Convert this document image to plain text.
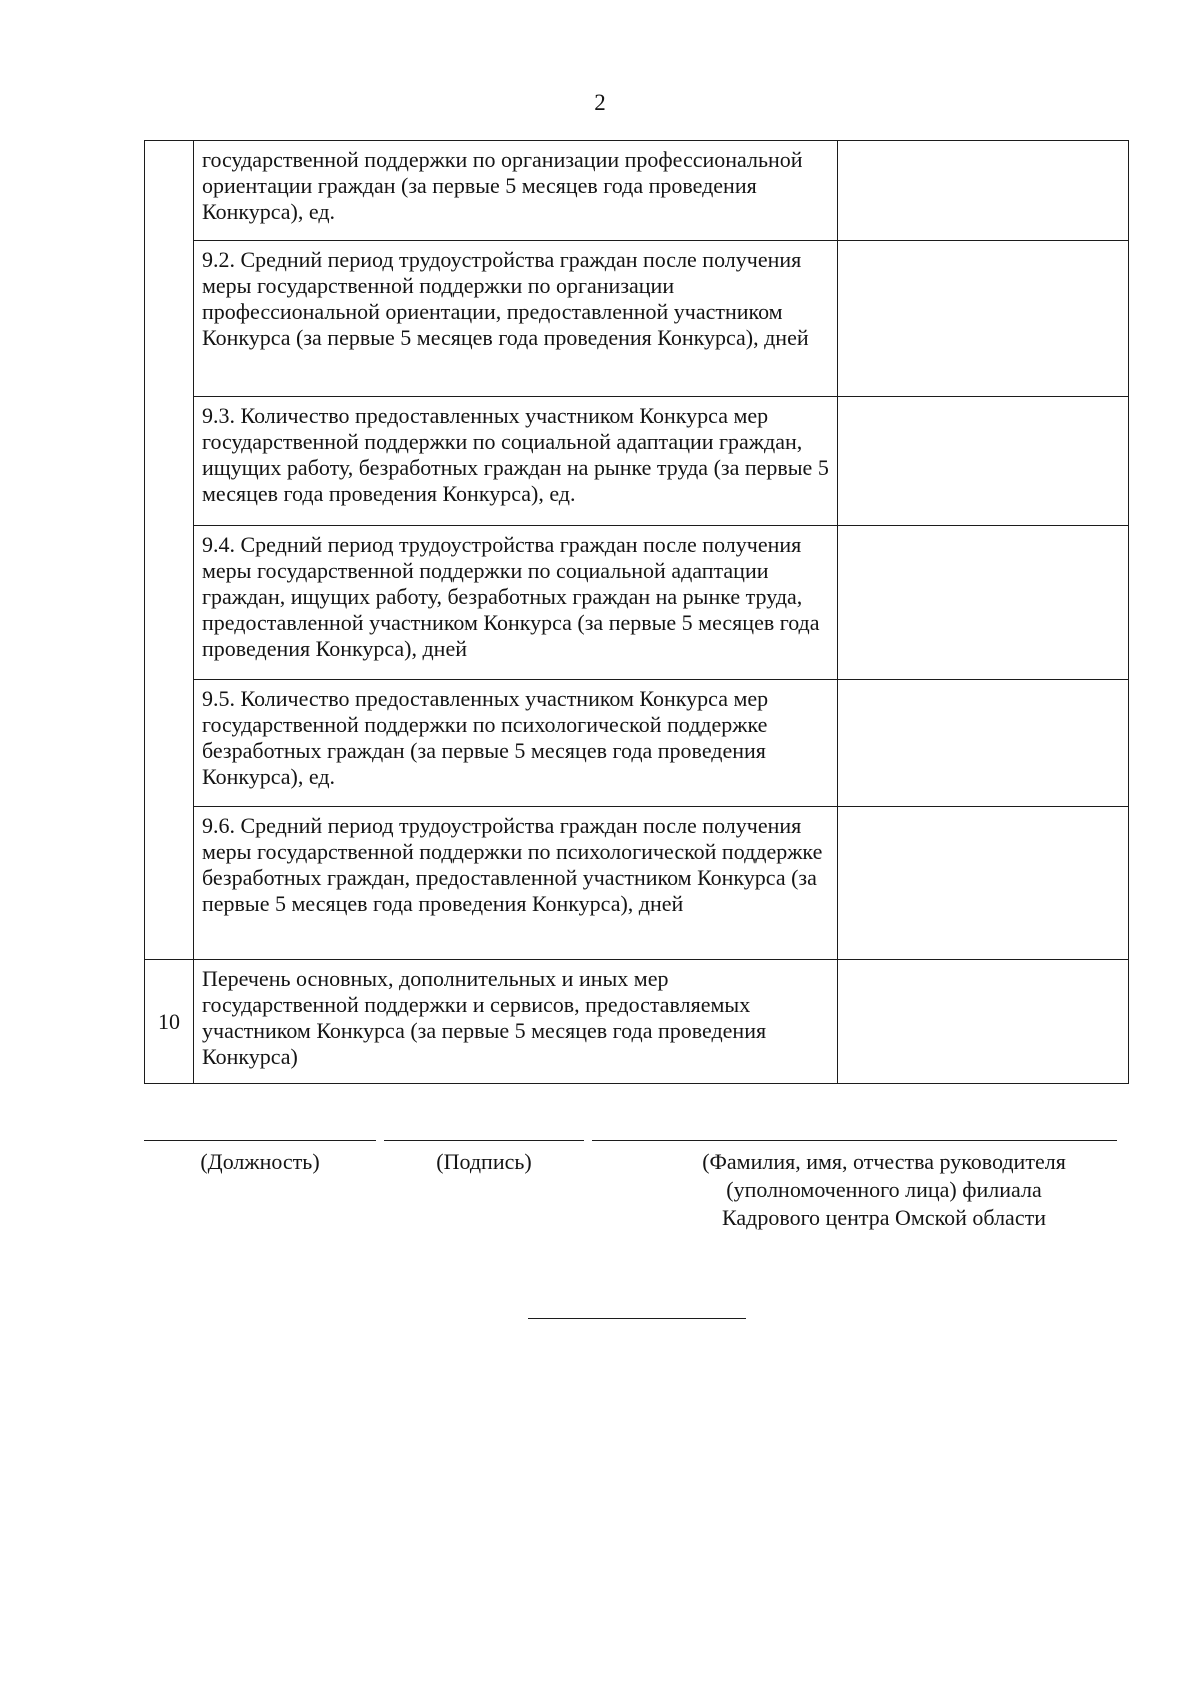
2

	государственной поддержки по организации профессиональной ориентации граждан (за первые 5 месяцев года проведения Конкурса), ед.	

	9.2. Средний период трудоустройства граждан после получения меры государственной поддержки по организации профессиональной ориентации, предоставленной участником Конкурса (за первые 5 месяцев года проведения Конкурса), дней	

	9.3. Количество предоставленных участником Конкурса мер государственной поддержки по социальной адаптации граждан, ищущих работу, безработных граждан на рынке труда (за первые 5 месяцев года проведения Конкурса), ед.	

	9.4. Средний период трудоустройства граждан после получения меры государственной поддержки по социальной адаптации граждан, ищущих работу, безработных граждан на рынке труда, предоставленной участником Конкурса (за первые 5 месяцев года проведения Конкурса), дней	

	9.5. Количество предоставленных участником Конкурса мер государственной поддержки по психологической поддержке безработных граждан (за первые 5 месяцев года проведения Конкурса), ед.	

	9.6. Средний период трудоустройства граждан после получения меры государственной поддержки по психологической поддержке безработных граждан, предоставленной участником Конкурса (за первые 5 месяцев года проведения Конкурса), дней	

10	Перечень основных, дополнительных и иных мер государственной поддержки и сервисов, предоставляемых участником Конкурса (за первые 5 месяцев года проведения Конкурса)	

(Должность)	(Подпись)	(Фамилия, имя, отчества руководителя
(уполномоченного лица) филиала
Кадрового центра Омской области
